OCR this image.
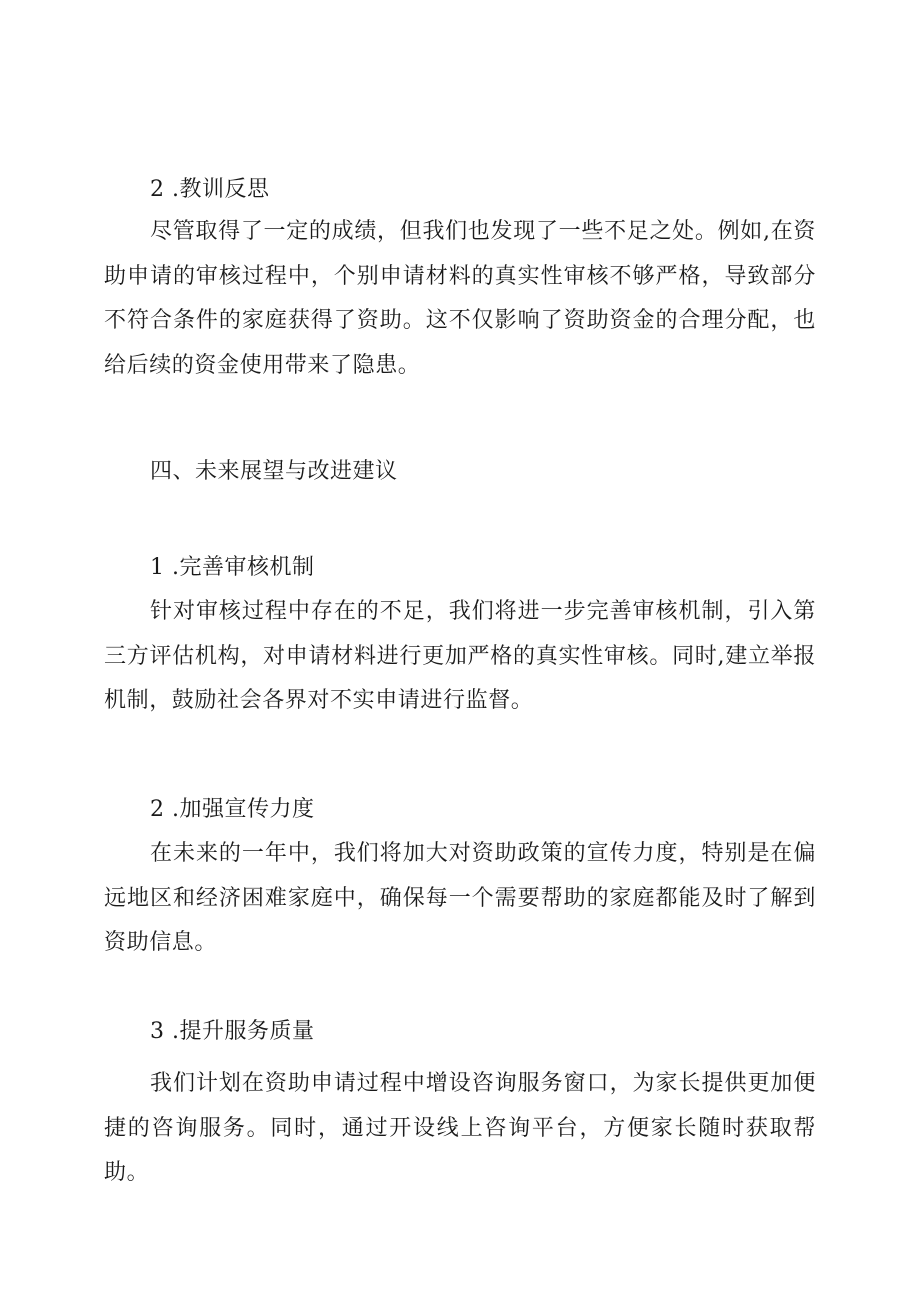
2 .教训反思
尽管取得了一定的成绩，但我们也发现了一些不足之处。例如,在资助申请的审核过程中，个别申请材料的真实性审核不够严格，导致部分不符合条件的家庭获得了资助。这不仅影响了资助资金的合理分配，也给后续的资金使用带来了隐患。
四、未来展望与改进建议
1 .完善审核机制
针对审核过程中存在的不足，我们将进一步完善审核机制，引入第三方评估机构，对申请材料进行更加严格的真实性审核。同时,建立举报机制，鼓励社会各界对不实申请进行监督。
2 .加强宣传力度
在未来的一年中，我们将加大对资助政策的宣传力度，特别是在偏远地区和经济困难家庭中，确保每一个需要帮助的家庭都能及时了解到资助信息。
3 .提升服务质量
我们计划在资助申请过程中增设咨询服务窗口，为家长提供更加便捷的咨询服务。同时，通过开设线上咨询平台，方便家长随时获取帮助。
